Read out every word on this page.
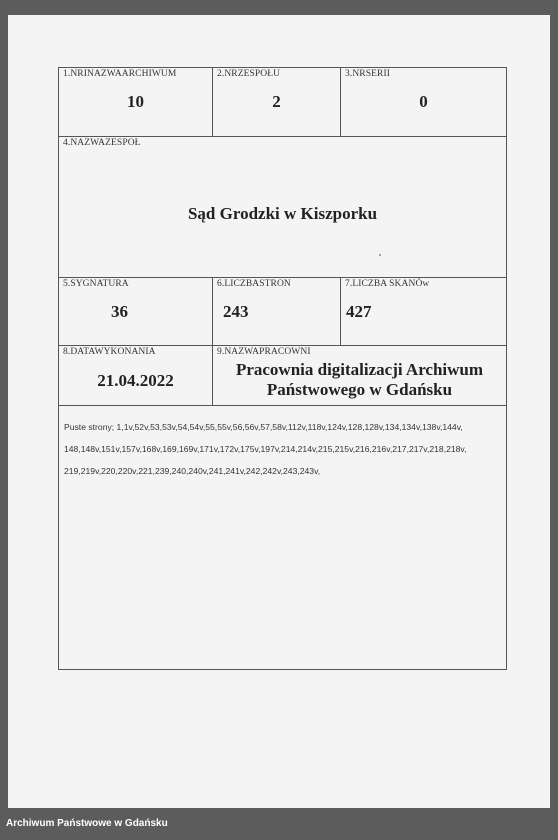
1.NRINAZWAARCHIWUM
10
2.NRZESPOŁU
2
3.NRSERII
0
4.NAZWAZESPOŁ
Sąd Grodzki w Kiszporku
5.SYGNATURA
36
6.LICZBASTRON
243
7.LICZBA SKANÓw
427
8.DATAWYKONANIA
21.04.2022
9.NAZWAPRACOWNI
Pracownia digitalizacji Archiwum
Państwowego w Gdańsku
Puste strony; 1,1v,52v,53,53v,54,54v,55,55v,56,56v,57,58v,112v,118v,124v,128,128v,134,134v,138v,144v, 148,148v,151v,157v,168v,169,169v,171v,172v,175v,197v,214,214v,215,215v,216,216v,217,217v,218,218v, 219,219v,220,220v,221,239,240,240v,241,241v,242,242v,243,243v,
Archiwum Państwowe w Gdańsku
